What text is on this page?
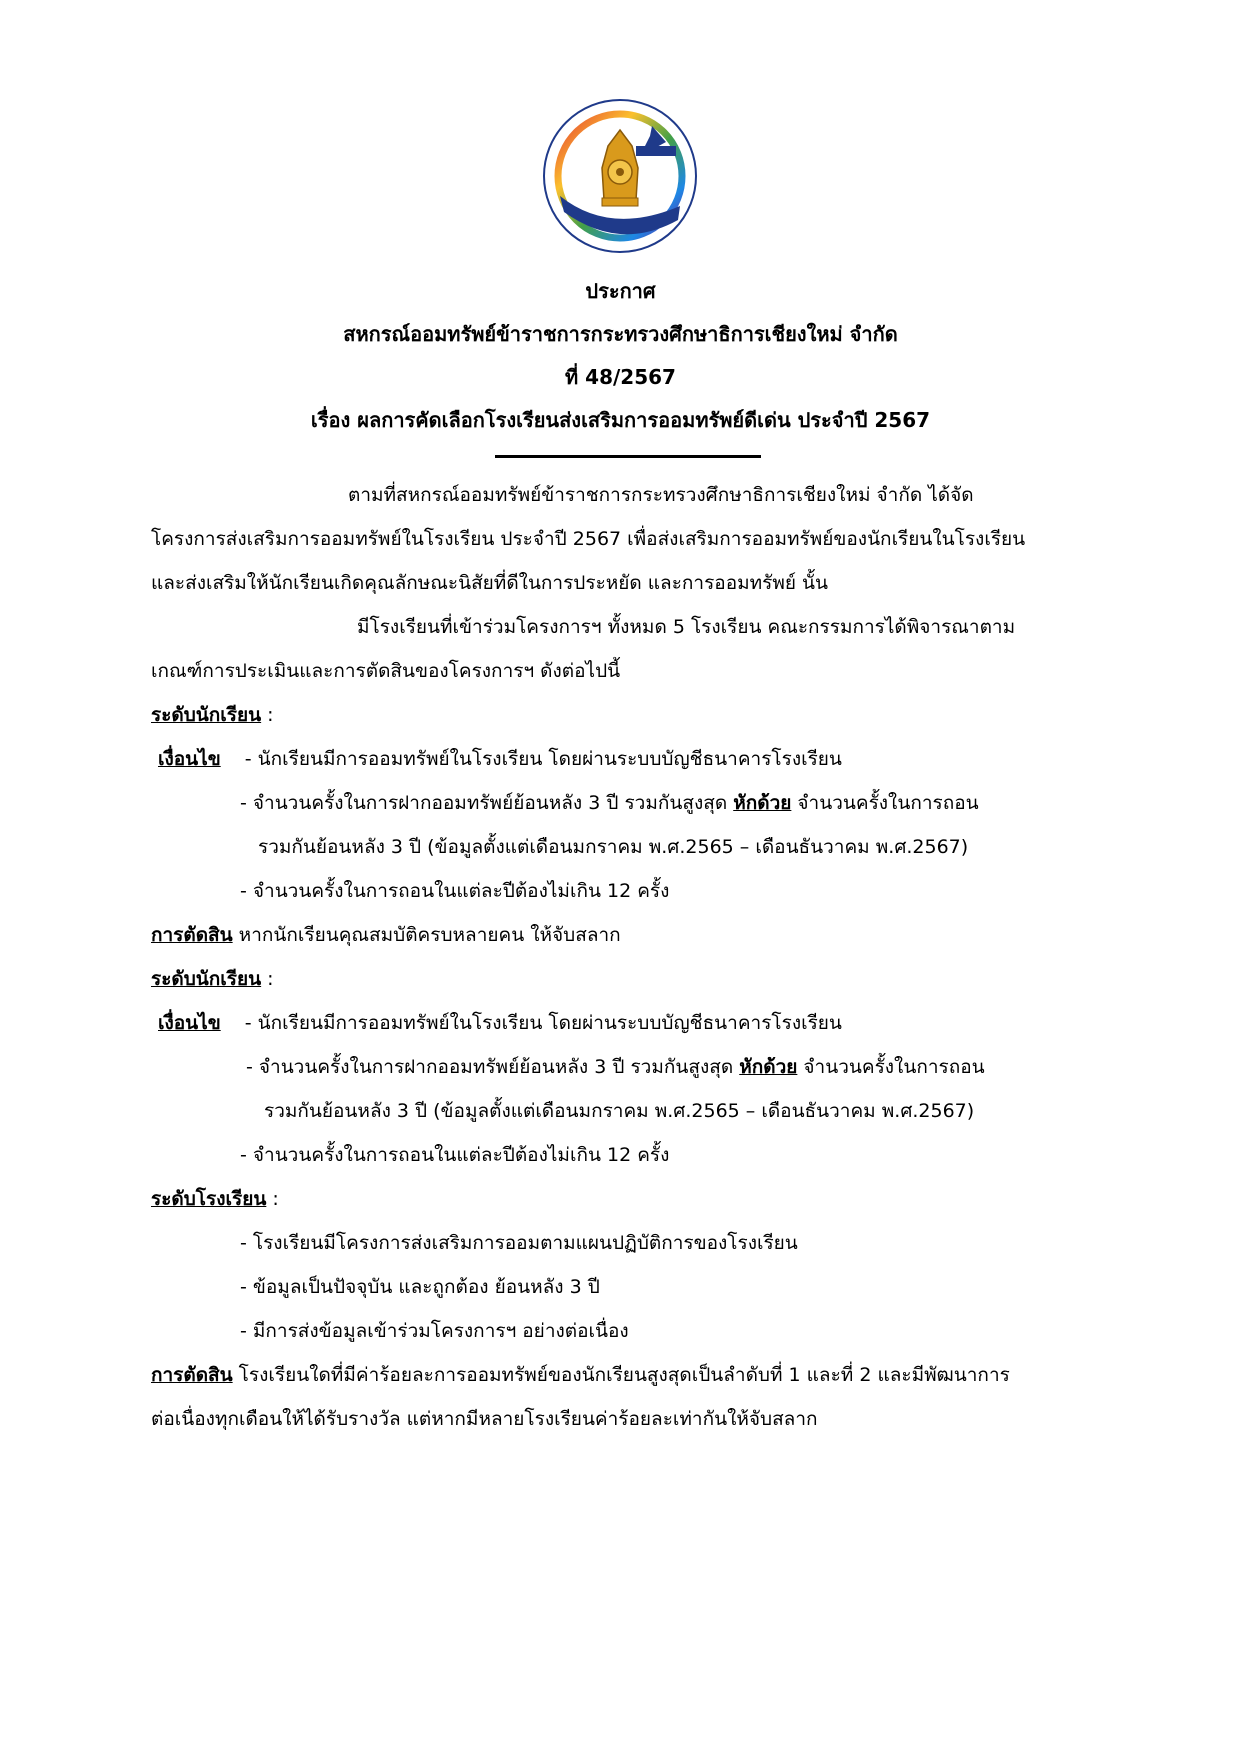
ประกาศ
สหกรณ์ออมทรัพย์ข้าราชการกระทรวงศึกษาธิการเชียงใหม่ จำกัด
ที่ 48/2567
เรื่อง ผลการคัดเลือกโรงเรียนส่งเสริมการออมทรัพย์ดีเด่น ประจำปี 2567
ตามที่สหกรณ์ออมทรัพย์ข้าราชการกระทรวงศึกษาธิการเชียงใหม่ จำกัด ได้จัด
โครงการส่งเสริมการออมทรัพย์ในโรงเรียน ประจำปี 2567 เพื่อส่งเสริมการออมทรัพย์ของนักเรียนในโรงเรียน
และส่งเสริมให้นักเรียนเกิดคุณลักษณะนิสัยที่ดีในการประหยัด และการออมทรัพย์ นั้น
มีโรงเรียนที่เข้าร่วมโครงการฯ ทั้งหมด 5 โรงเรียน คณะกรรมการได้พิจารณาตาม
เกณฑ์การประเมินและการตัดสินของโครงการฯ ดังต่อไปนี้
ระดับนักเรียน :
เงื่อนไข - นักเรียนมีการออมทรัพย์ในโรงเรียน โดยผ่านระบบบัญชีธนาคารโรงเรียน
- จำนวนครั้งในการฝากออมทรัพย์ย้อนหลัง 3 ปี รวมกันสูงสุด หักด้วย จำนวนครั้งในการถอน
รวมกันย้อนหลัง 3 ปี (ข้อมูลตั้งแต่เดือนมกราคม พ.ศ.2565 – เดือนธันวาคม พ.ศ.2567)
- จำนวนครั้งในการถอนในแต่ละปีต้องไม่เกิน 12 ครั้ง
การตัดสิน หากนักเรียนคุณสมบัติครบหลายคน ให้จับสลาก
ระดับนักเรียน :
เงื่อนไข - นักเรียนมีการออมทรัพย์ในโรงเรียน โดยผ่านระบบบัญชีธนาคารโรงเรียน
- จำนวนครั้งในการฝากออมทรัพย์ย้อนหลัง 3 ปี รวมกันสูงสุด หักด้วย จำนวนครั้งในการถอน
รวมกันย้อนหลัง 3 ปี (ข้อมูลตั้งแต่เดือนมกราคม พ.ศ.2565 – เดือนธันวาคม พ.ศ.2567)
- จำนวนครั้งในการถอนในแต่ละปีต้องไม่เกิน 12 ครั้ง
ระดับโรงเรียน :
- โรงเรียนมีโครงการส่งเสริมการออมตามแผนปฏิบัติการของโรงเรียน
- ข้อมูลเป็นปัจจุบัน และถูกต้อง ย้อนหลัง 3 ปี
- มีการส่งข้อมูลเข้าร่วมโครงการฯ อย่างต่อเนื่อง
การตัดสิน โรงเรียนใดที่มีค่าร้อยละการออมทรัพย์ของนักเรียนสูงสุดเป็นลำดับที่ 1 และที่ 2 และมีพัฒนาการ
ต่อเนื่องทุกเดือนให้ได้รับรางวัล แต่หากมีหลายโรงเรียนค่าร้อยละเท่ากันให้จับสลาก
